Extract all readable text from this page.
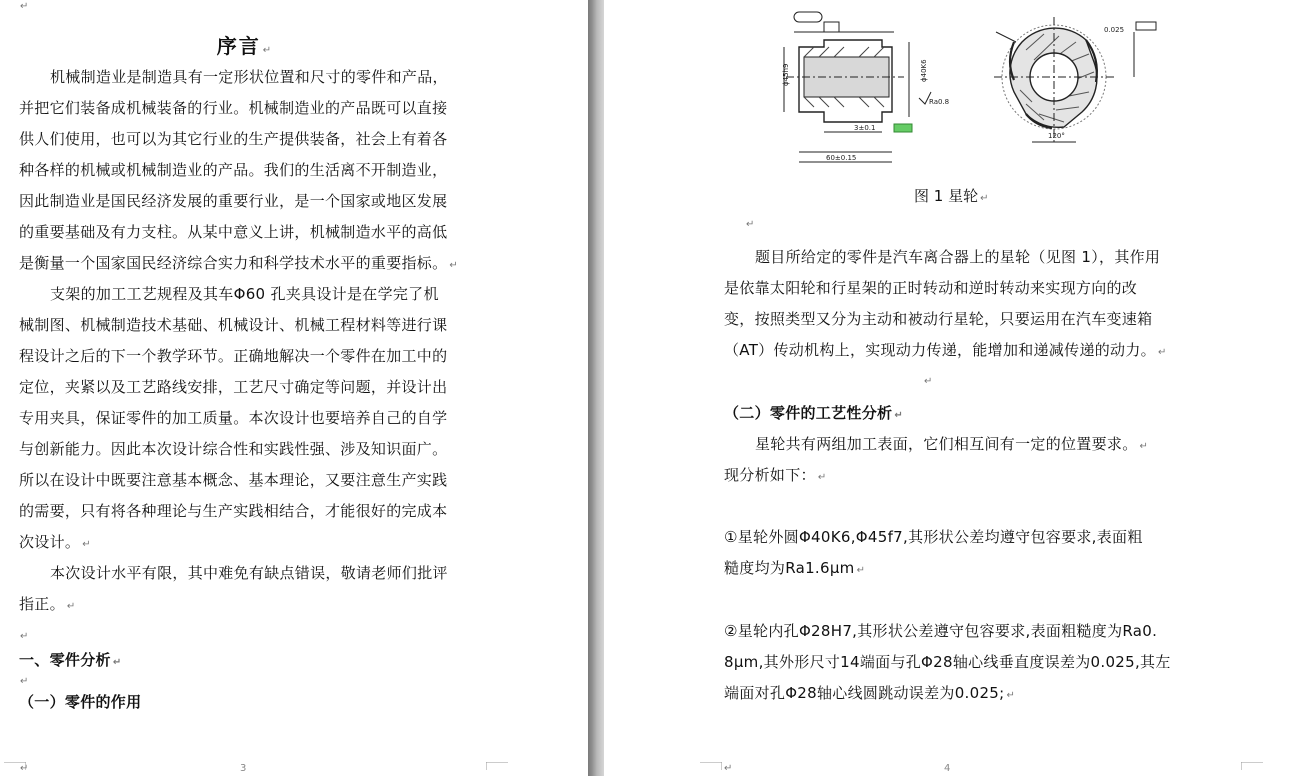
↵
序言 ↵
机械制造业是制造具有一定形状位置和尺寸的零件和产品，
并把它们装备成机械装备的行业。机械制造业的产品既可以直接
供人们使用，也可以为其它行业的生产提供装备，社会上有着各
种各样的机械或机械制造业的产品。我们的生活离不开制造业，
因此制造业是国民经济发展的重要行业，是一个国家或地区发展
的重要基础及有力支柱。从某中意义上讲，机械制造水平的高低
是衡量一个国家国民经济综合实力和科学技术水平的重要指标。 ↵
支架的加工工艺规程及其车Φ60 孔夹具设计是在学完了机
械制图、机械制造技术基础、机械设计、机械工程材料等进行课
程设计之后的下一个教学环节。正确地解决一个零件在加工中的
定位，夹紧以及工艺路线安排，工艺尺寸确定等问题，并设计出
专用夹具，保证零件的加工质量。本次设计也要培养自己的自学
与创新能力。因此本次设计综合性和实践性强、涉及知识面广。
所以在设计中既要注意基本概念、基本理论，又要注意生产实践
的需要，只有将各种理论与生产实践相结合，才能很好的完成本
次设计。 ↵
本次设计水平有限，其中难免有缺点错误，敬请老师们批评
指正。 ↵
↵
一、零件分析 ↵
↵
（一）零件的作用
↵	3
ϕ45h9	ϕ40K6
60±0.15
3±0.1
Ra0.8
120°
0.025
图 1 星轮 ↵
↵
题目所给定的零件是汽车离合器上的星轮（见图 1），其作用
是依靠太阳轮和行星架的正时转动和逆时转动来实现方向的改
变，按照类型又分为主动和被动行星轮，只要运用在汽车变速箱
（AT）传动机构上，实现动力传递，能增加和递减传递的动力。 ↵
↵
（二）零件的工艺性分析 ↵
星轮共有两组加工表面，它们相互间有一定的位置要求。 ↵
现分析如下： ↵
①星轮外圆Φ40K6,Φ45f7,其形状公差均遵守包容要求,表面粗
糙度均为Ra1.6μm ↵
②星轮内孔Φ28H7,其形状公差遵守包容要求,表面粗糙度为Ra0.
8μm,其外形尺寸14端面与孔Φ28轴心线垂直度误差为0.025,其左
端面对孔Φ28轴心线圆跳动误差为0.025; ↵
↵	4
